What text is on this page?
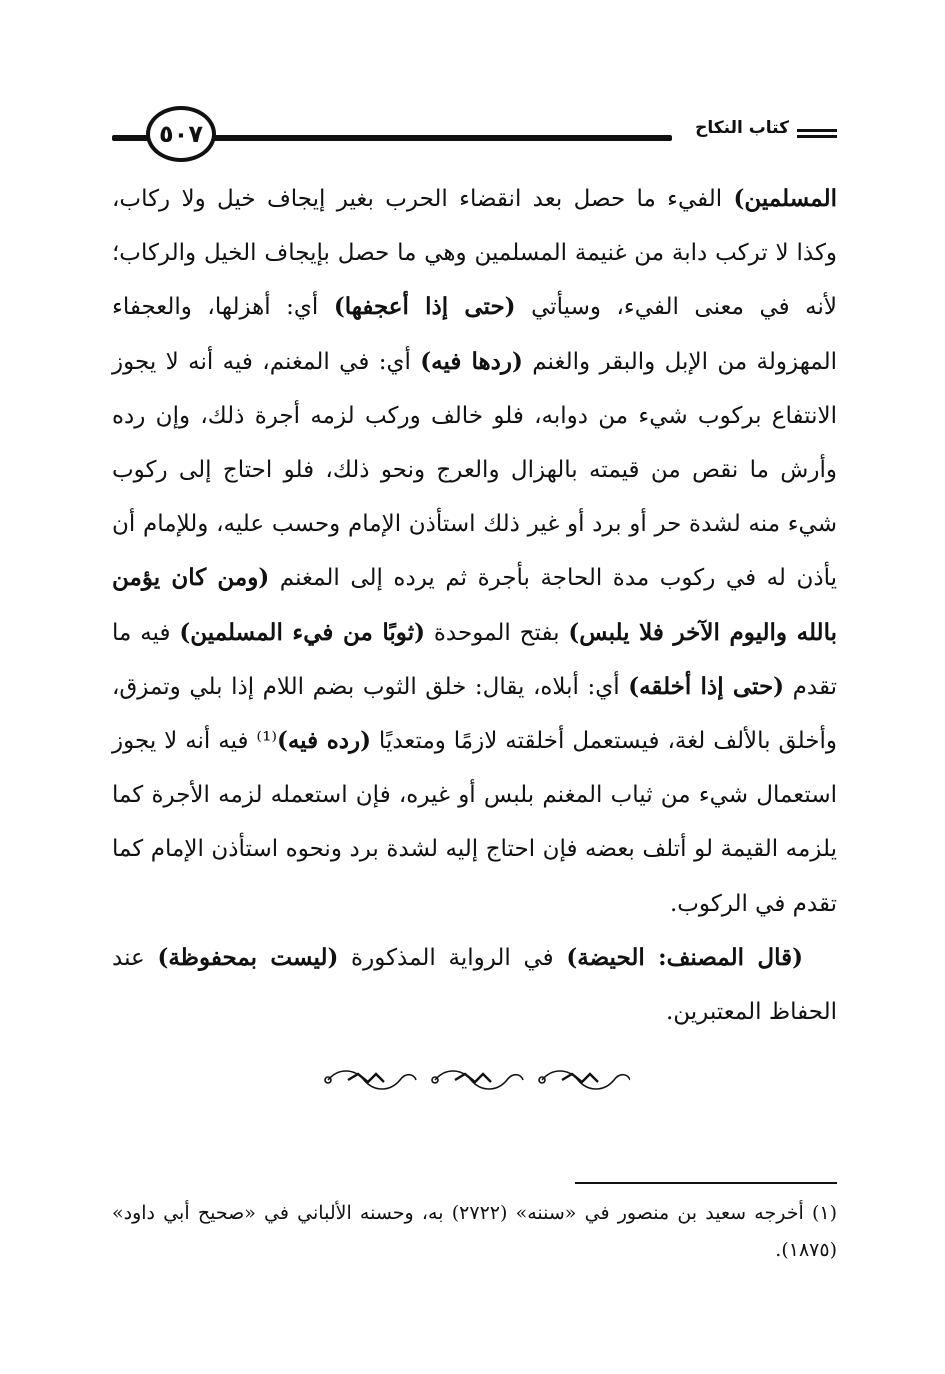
٥٠٧	كتاب النكاح

المسلمين) الفيء ما حصل بعد انقضاء الحرب بغير إيجاف خيل ولا ركاب، وكذا لا تركب دابة من غنيمة المسلمين وهي ما حصل بإيجاف الخيل والركاب؛ لأنه في معنى الفيء، وسيأتي (حتى إذا أعجفها) أي: أهزلها، والعجفاء المهزولة من الإبل والبقر والغنم (ردها فيه) أي: في المغنم، فيه أنه لا يجوز الانتفاع بركوب شيء من دوابه، فلو خالف وركب لزمه أجرة ذلك، وإن رده وأرش ما نقص من قيمته بالهزال والعرج ونحو ذلك، فلو احتاج إلى ركوب شيء منه لشدة حر أو برد أو غير ذلك استأذن الإمام وحسب عليه، وللإمام أن يأذن له في ركوب مدة الحاجة بأجرة ثم يرده إلى المغنم (ومن كان يؤمن بالله واليوم الآخر فلا يلبس) بفتح الموحدة (ثوبًا من فيء المسلمين) فيه ما تقدم (حتى إذا أخلقه) أي: أبلاه، يقال: خلق الثوب بضم اللام إذا بلي وتمزق، وأخلق بالألف لغة، فيستعمل أخلقته لازمًا ومتعديًا (رده فيه)⁽¹⁾ فيه أنه لا يجوز استعمال شيء من ثياب المغنم بلبس أو غيره، فإن استعمله لزمه الأجرة كما يلزمه القيمة لو أتلف بعضه فإن احتاج إليه لشدة برد ونحوه استأذن الإمام كما تقدم في الركوب.

(قال المصنف: الحيضة) في الرواية المذكورة (ليست بمحفوظة) عند الحفاظ المعتبرين.

(١) أخرجه سعيد بن منصور في «سننه» (٢٧٢٢) به، وحسنه الألباني في «صحيح أبي داود» (١٨٧٥).
